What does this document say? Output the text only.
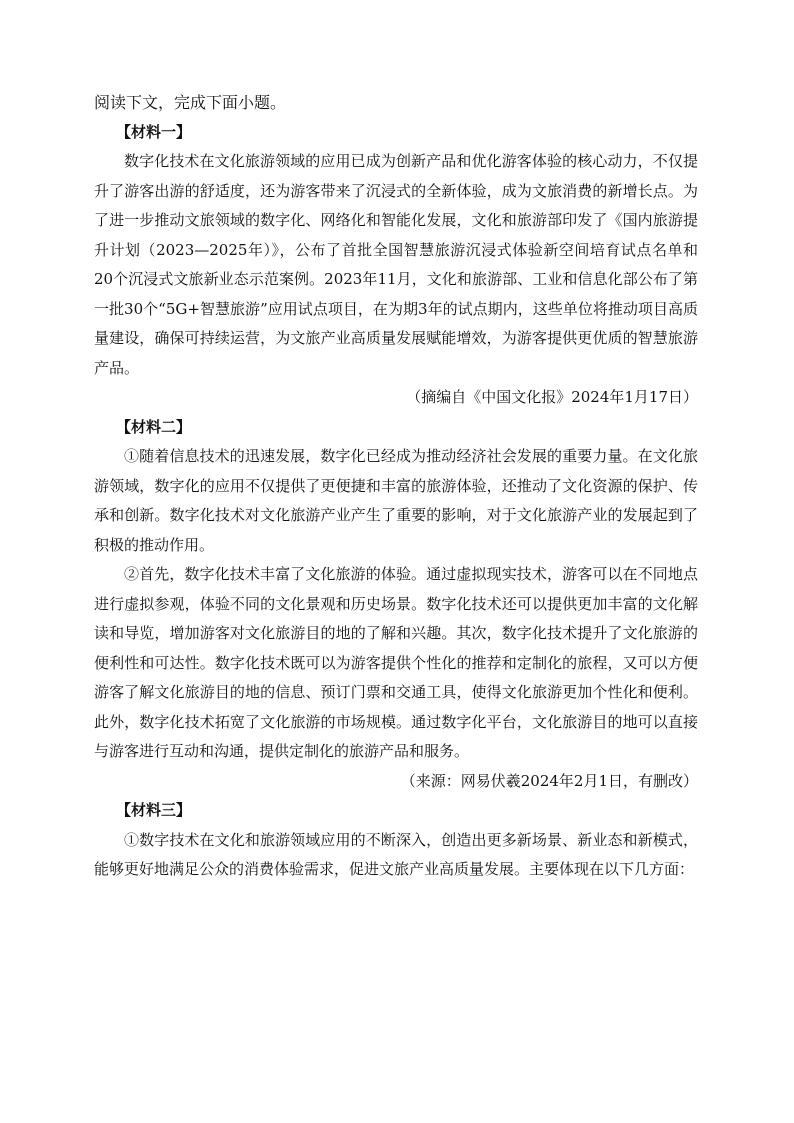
阅读下文，完成下面小题。

【材料一】

数字化技术在文化旅游领域的应用已成为创新产品和优化游客体验的核心动力，不仅提升了游客出游的舒适度，还为游客带来了沉浸式的全新体验，成为文旅消费的新增长点。为了进一步推动文旅领域的数字化、网络化和智能化发展，文化和旅游部印发了《国内旅游提升计划（2023—2025年）》，公布了首批全国智慧旅游沉浸式体验新空间培育试点名单和20个沉浸式文旅新业态示范案例。2023年11月，文化和旅游部、工业和信息化部公布了第一批30个“5G+智慧旅游”应用试点项目，在为期3年的试点期内，这些单位将推动项目高质量建设，确保可持续运营，为文旅产业高质量发展赋能增效，为游客提供更优质的智慧旅游产品。

（摘编自《中国文化报》2024年1月17日）

【材料二】

①随着信息技术的迅速发展，数字化已经成为推动经济社会发展的重要力量。在文化旅游领域，数字化的应用不仅提供了更便捷和丰富的旅游体验，还推动了文化资源的保护、传承和创新。数字化技术对文化旅游产业产生了重要的影响，对于文化旅游产业的发展起到了积极的推动作用。

②首先，数字化技术丰富了文化旅游的体验。通过虚拟现实技术，游客可以在不同地点进行虚拟参观，体验不同的文化景观和历史场景。数字化技术还可以提供更加丰富的文化解读和导览，增加游客对文化旅游目的地的了解和兴趣。其次，数字化技术提升了文化旅游的便利性和可达性。数字化技术既可以为游客提供个性化的推荐和定制化的旅程，又可以方便游客了解文化旅游目的地的信息、预订门票和交通工具，使得文化旅游更加个性化和便利。此外，数字化技术拓宽了文化旅游的市场规模。通过数字化平台，文化旅游目的地可以直接与游客进行互动和沟通，提供定制化的旅游产品和服务。

（来源：网易伏羲2024年2月1日，有删改）

【材料三】

①数字技术在文化和旅游领域应用的不断深入，创造出更多新场景、新业态和新模式，能够更好地满足公众的消费体验需求，促进文旅产业高质量发展。主要体现在以下几方面：
